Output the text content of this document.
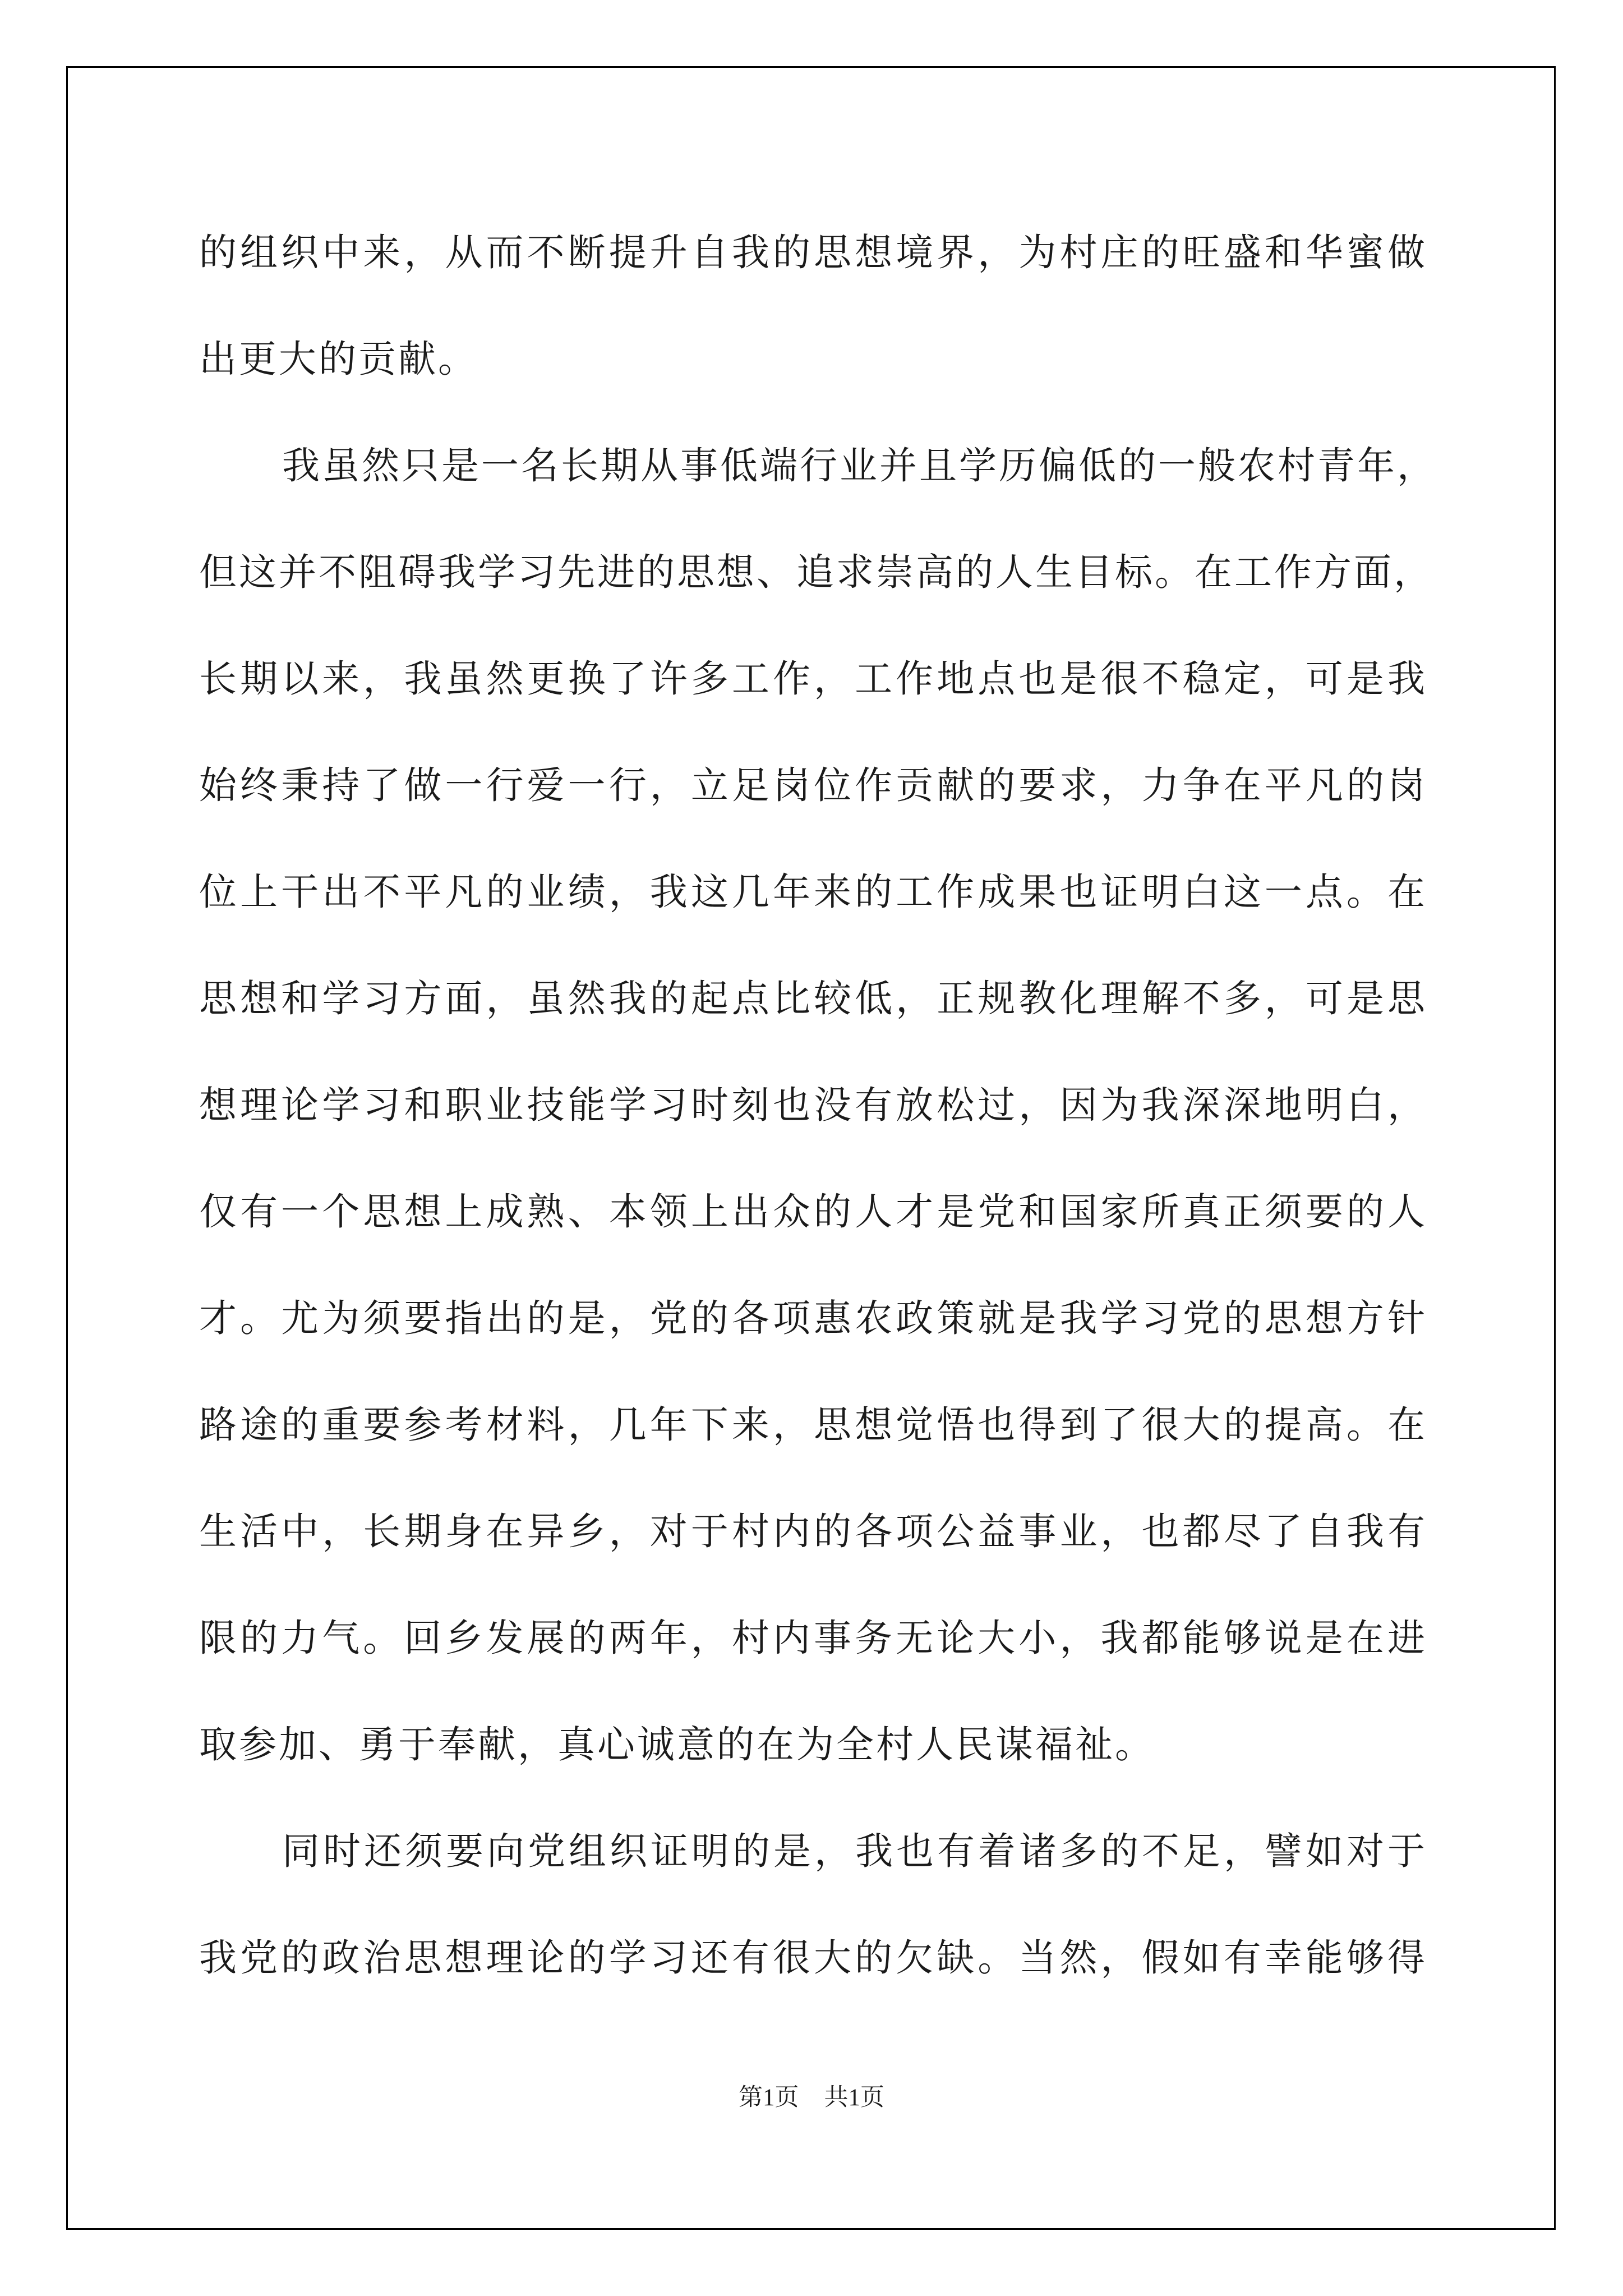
的组织中来，从而不断提升自我的思想境界，为村庄的旺盛和华蜜做
出更大的贡献。
我虽然只是一名长期从事低端行业并且学历偏低的一般农村青年，
但这并不阻碍我学习先进的思想、追求崇高的人生目标。在工作方面，
长期以来，我虽然更换了许多工作，工作地点也是很不稳定，可是我
始终秉持了做一行爱一行，立足岗位作贡献的要求，力争在平凡的岗
位上干出不平凡的业绩，我这几年来的工作成果也证明白这一点。在
思想和学习方面，虽然我的起点比较低，正规教化理解不多，可是思
想理论学习和职业技能学习时刻也没有放松过，因为我深深地明白，
仅有一个思想上成熟、本领上出众的人才是党和国家所真正须要的人
才。尤为须要指出的是，党的各项惠农政策就是我学习党的思想方针
路途的重要参考材料，几年下来，思想觉悟也得到了很大的提高。在
生活中，长期身在异乡，对于村内的各项公益事业，也都尽了自我有
限的力气。回乡发展的两年，村内事务无论大小，我都能够说是在进
取参加、勇于奉献，真心诚意的在为全村人民谋福祉。
同时还须要向党组织证明的是，我也有着诸多的不足，譬如对于
我党的政治思想理论的学习还有很大的欠缺。当然，假如有幸能够得
第1页 共1页
